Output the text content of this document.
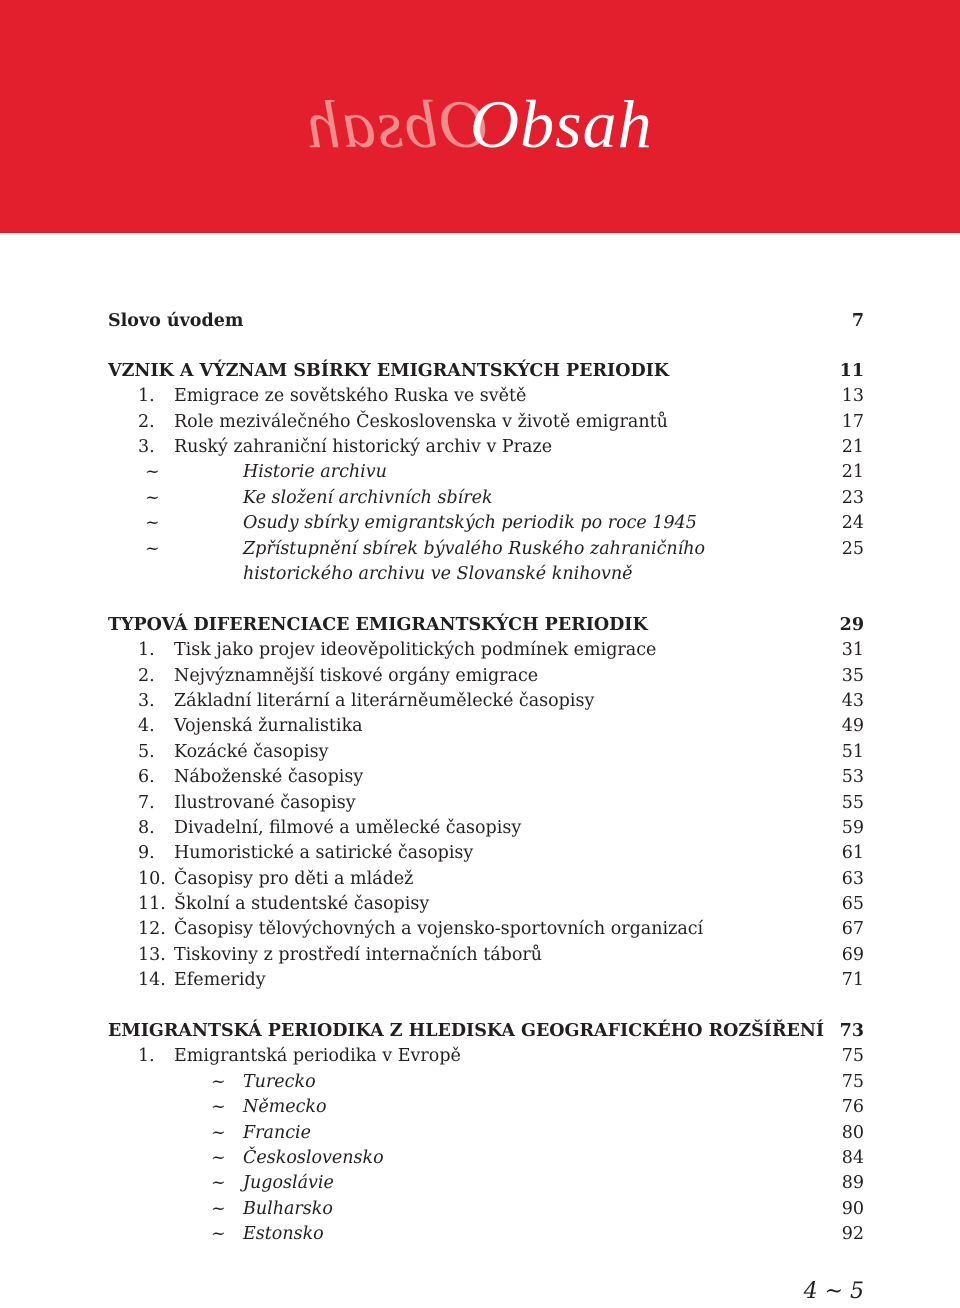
Obsah
Obsah
Slovo úvodem	7
VZNIK A VÝZNAM SBÍRKY EMIGRANTSKÝCH PERIODIK	11
1. Emigrace ze sovětského Ruska ve světě	13
2. Role meziválečného Československa v životě emigrantů	17
3. Ruský zahraniční historický archiv v Praze	21
~	Historie archivu	21
~	Ke složení archivních sbírek	23
~	Osudy sbírky emigrantských periodik po roce 1945	24
~	Zpřístupnění sbírek bývalého Ruského zahraničního	25
historického archivu ve Slovanské knihovně
TYPOVÁ DIFERENCIACE EMIGRANTSKÝCH PERIODIK	29
1. Tisk jako projev ideověpolitických podmínek emigrace	31
2. Nejvýznamnější tiskové orgány emigrace	35
3. Základní literární a literárněumělecké časopisy	43
4. Vojenská žurnalistika	49
5. Kozácké časopisy	51
6. Náboženské časopisy	53
7. Ilustrované časopisy	55
8. Divadelní, filmové a umělecké časopisy	59
9. Humoristické a satirické časopisy	61
10. Časopisy pro děti a mládež	63
11. Školní a studentské časopisy	65
12. Časopisy tělovýchovných a vojensko-sportovních organizací	67
13. Tiskoviny z prostředí internačních táborů	69
14. Efemeridy	71
EMIGRANTSKÁ PERIODIKA Z HLEDISKA GEOGRAFICKÉHO ROZŠÍŘENÍ 73
1. Emigrantská periodika v Evropě	75
~ Turecko	75
~ Německo	76
~ Francie	80
~ Československo	84
~ Jugoslávie	89
~ Bulharsko	90
~ Estonsko	92
4 ~ 5
